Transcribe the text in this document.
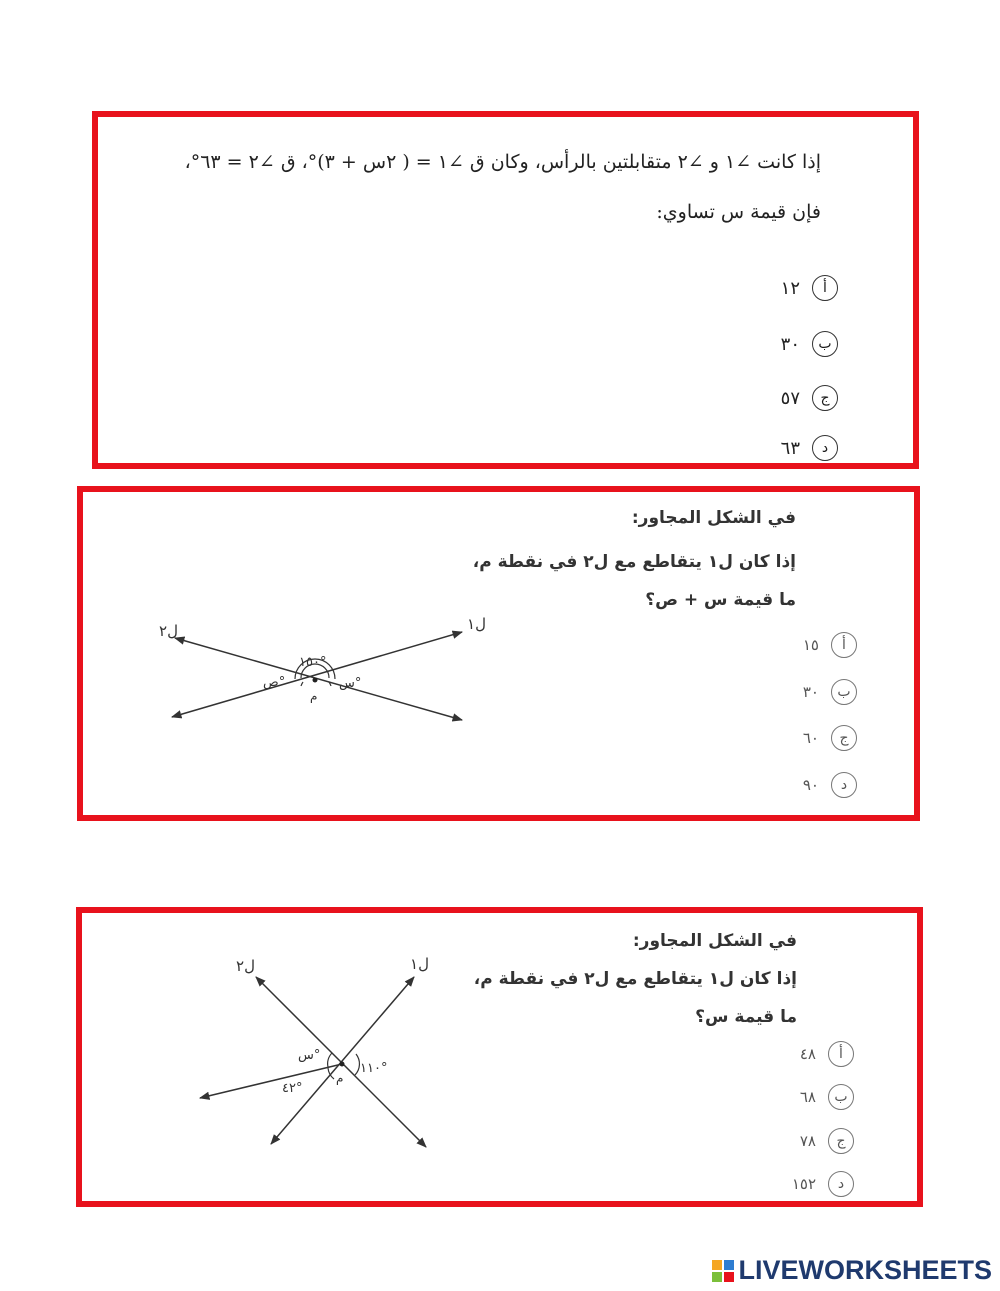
إذا كانت ∠١ و ∠٢ متقابلتين بالرأس، وكان ق ∠١ = ( ٢س + ٣)°، ق ∠٢ = ٦٣°،
فإن قيمة س تساوي:
١٢	أ
٣٠	ب
٥٧	ج
٦٣	د
في الشكل المجاور:
إذا كان ل١ يتقاطع مع ل٢ في نقطة م،
ما قيمة س + ص؟
ل٢	ل١
١٥٠°
ص°	س°
م
١٥	أ
٣٠	ب
٦٠	ج
٩٠	د
في الشكل المجاور:
إذا كان ل١ يتقاطع مع ل٢ في نقطة م،
ما قيمة س؟
ل٢	ل١
س°
١١٠°
٤٢°
م
٤٨	أ
٦٨	ب
٧٨	ج
١٥٢	د
LIVEWORKSHEETS
